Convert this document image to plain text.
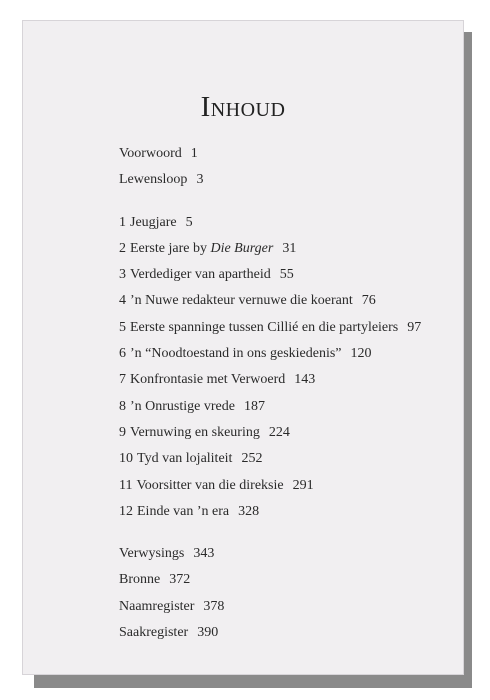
Inhoud
Voorwoord 1
Lewensloop 3
1 Jeugjare 5
2 Eerste jare by Die Burger 31
3 Verdediger van apartheid 55
4 ’n Nuwe redakteur vernuwe die koerant 76
5 Eerste spanninge tussen Cillié en die partyleiers 97
6 ’n “Noodtoestand in ons geskiedenis” 120
7 Konfrontasie met Verwoerd 143
8 ’n Onrustige vrede 187
9 Vernuwing en skeuring 224
10 Tyd van lojaliteit 252
11 Voorsitter van die direksie 291
12 Einde van ’n era 328
Verwysings 343
Bronne 372
Naamregister 378
Saakregister 390
